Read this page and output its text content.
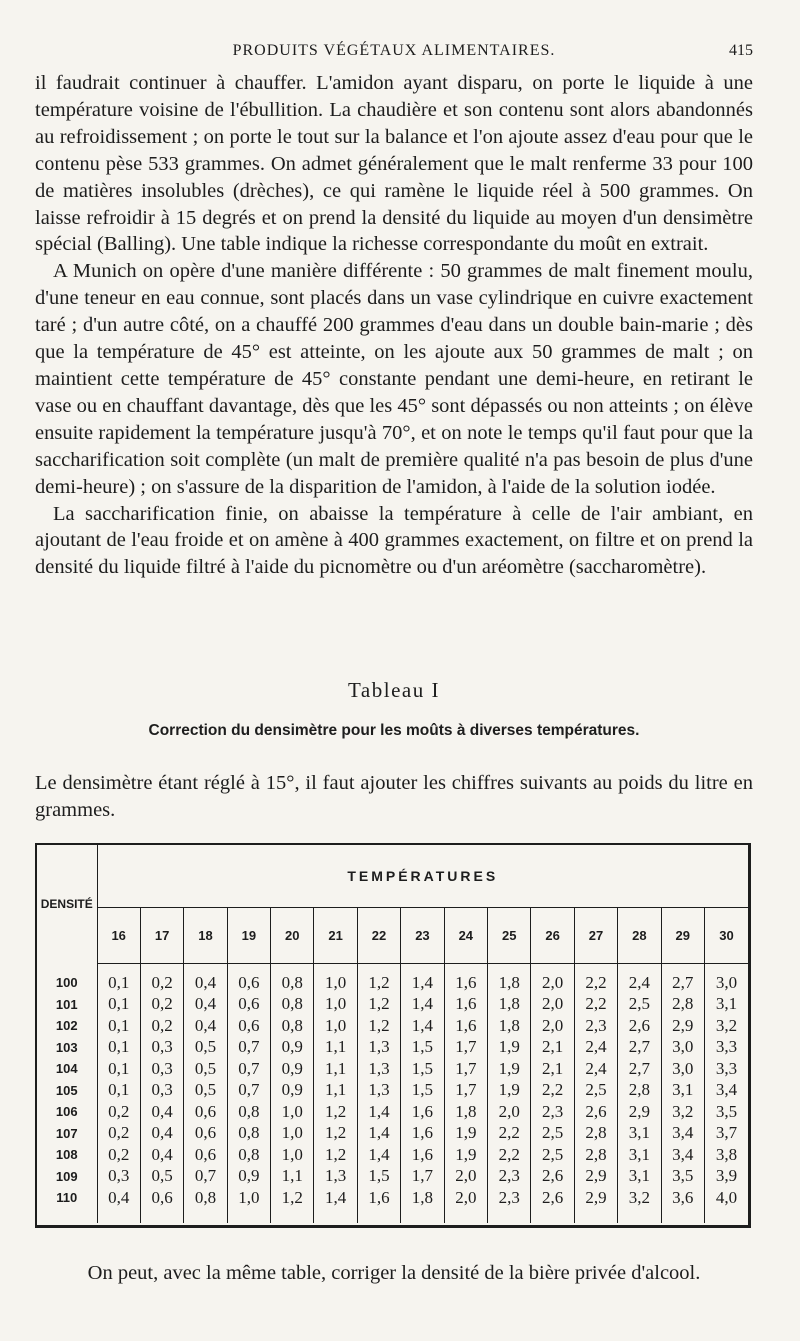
PRODUITS VÉGÉTAUX ALIMENTAIRES.	415

il faudrait continuer à chauffer. L'amidon ayant disparu, on porte le liquide à une température voisine de l'ébullition. La chaudière et son contenu sont alors abandonnés au refroidissement ; on porte le tout sur la balance et l'on ajoute assez d'eau pour que le contenu pèse 533 grammes. On admet généralement que le malt renferme 33 pour 100 de matières insolubles (drèches), ce qui ramène le liquide réel à 500 grammes. On laisse refroidir à 15 degrés et on prend la densité du liquide au moyen d'un densimètre spécial (Balling). Une table indique la richesse correspondante du moût en extrait.

A Munich on opère d'une manière différente : 50 grammes de malt finement moulu, d'une teneur en eau connue, sont placés dans un vase cylindrique en cuivre exactement taré ; d'un autre côté, on a chauffé 200 grammes d'eau dans un double bain-marie ; dès que la température de 45° est atteinte, on les ajoute aux 50 grammes de malt ; on maintient cette température de 45° constante pendant une demi-heure, en retirant le vase ou en chauffant davantage, dès que les 45° sont dépassés ou non atteints ; on élève ensuite rapidement la température jusqu'à 70°, et on note le temps qu'il faut pour que la saccharification soit complète (un malt de première qualité n'a pas besoin de plus d'une demi-heure) ; on s'assure de la disparition de l'amidon, à l'aide de la solution iodée.

La saccharification finie, on abaisse la température à celle de l'air ambiant, en ajoutant de l'eau froide et on amène à 400 grammes exactement, on filtre et on prend la densité du liquide filtré à l'aide du picnomètre ou d'un aréomètre (saccharomètre).

Tableau I
Correction du densimètre pour les moûts à diverses températures.
Le densimètre étant réglé à 15°, il faut ajouter les chiffres suivants au poids du litre en grammes.
DENSITÉ	TEMPÉRATURES														
	16	17	18	19	20	21	22	23	24	25	26	27	28	29	30

100	0,1	0,2	0,4	0,6	0,8	1,0	1,2	1,4	1,6	1,8	2,0	2,2	2,4	2,7	3,0
101	0,1	0,2	0,4	0,6	0,8	1,0	1,2	1,4	1,6	1,8	2,0	2,2	2,5	2,8	3,1
102	0,1	0,2	0,4	0,6	0,8	1,0	1,2	1,4	1,6	1,8	2,0	2,3	2,6	2,9	3,2
103	0,1	0,3	0,5	0,7	0,9	1,1	1,3	1,5	1,7	1,9	2,1	2,4	2,7	3,0	3,3
104	0,1	0,3	0,5	0,7	0,9	1,1	1,3	1,5	1,7	1,9	2,1	2,4	2,7	3,0	3,3
105	0,1	0,3	0,5	0,7	0,9	1,1	1,3	1,5	1,7	1,9	2,2	2,5	2,8	3,1	3,4
106	0,2	0,4	0,6	0,8	1,0	1,2	1,4	1,6	1,8	2,0	2,3	2,6	2,9	3,2	3,5
107	0,2	0,4	0,6	0,8	1,0	1,2	1,4	1,6	1,9	2,2	2,5	2,8	3,1	3,4	3,7
108	0,2	0,4	0,6	0,8	1,0	1,2	1,4	1,6	1,9	2,2	2,5	2,8	3,1	3,4	3,8
109	0,3	0,5	0,7	0,9	1,1	1,3	1,5	1,7	2,0	2,3	2,6	2,9	3,1	3,5	3,9
110	0,4	0,6	0,8	1,0	1,2	1,4	1,6	1,8	2,0	2,3	2,6	2,9	3,2	3,6	4,0

On peut, avec la même table, corriger la densité de la bière privée d'alcool.
